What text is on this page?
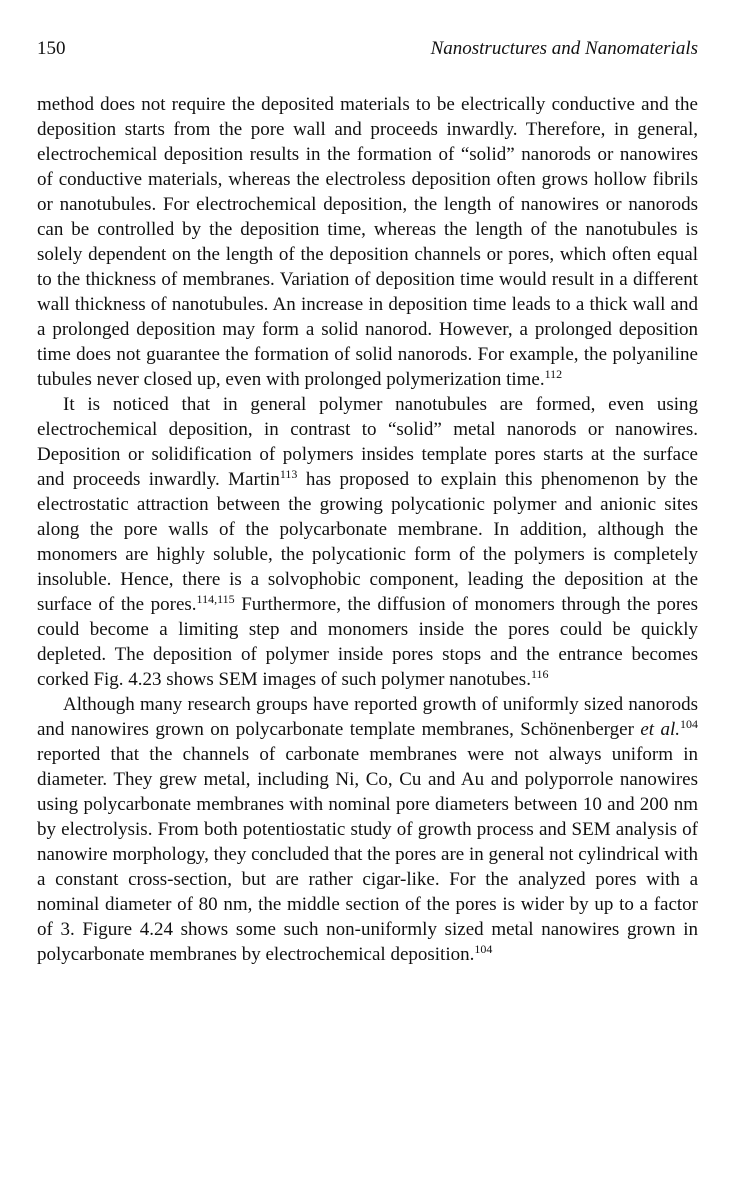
150	Nanostructures and Nanomaterials

method does not require the deposited materials to be electrically conductive and the deposition starts from the pore wall and proceeds inwardly. Therefore, in general, electrochemical deposition results in the formation of “solid” nanorods or nanowires of conductive materials, whereas the electroless deposition often grows hollow fibrils or nanotubules. For electrochemical deposition, the length of nanowires or nanorods can be controlled by the deposition time, whereas the length of the nanotubules is solely dependent on the length of the deposition channels or pores, which often equal to the thickness of membranes. Variation of deposition time would result in a different wall thickness of nanotubules. An increase in deposition time leads to a thick wall and a prolonged deposition may form a solid nanorod. However, a prolonged deposition time does not guarantee the formation of solid nanorods. For example, the polyaniline tubules never closed up, even with prolonged polymerization time.$^{112}$

It is noticed that in general polymer nanotubules are formed, even using electrochemical deposition, in contrast to “solid” metal nanorods or nanowires. Deposition or solidification of polymers insides template pores starts at the surface and proceeds inwardly. Martin$^{113}$ has proposed to explain this phenomenon by the electrostatic attraction between the growing polycationic polymer and anionic sites along the pore walls of the polycarbonate membrane. In addition, although the monomers are highly soluble, the polycationic form of the polymers is completely insoluble. Hence, there is a solvophobic component, leading the deposition at the surface of the pores.$^{114,115}$ Furthermore, the diffusion of monomers through the pores could become a limiting step and monomers inside the pores could be quickly depleted. The deposition of polymer inside pores stops and the entrance becomes corked Fig. 4.23 shows SEM images of such polymer nanotubes.$^{116}$

Although many research groups have reported growth of uniformly sized nanorods and nanowires grown on polycarbonate template membranes, Schönenberger et al.$^{104}$ reported that the channels of carbonate membranes were not always uniform in diameter. They grew metal, including Ni, Co, Cu and Au and polyporrole nanowires using polycarbonate membranes with nominal pore diameters between 10 and 200 nm by electrolysis. From both potentiostatic study of growth process and SEM analysis of nanowire morphology, they concluded that the pores are in general not cylindrical with a constant cross-section, but are rather cigar-like. For the analyzed pores with a nominal diameter of 80 nm, the middle section of the pores is wider by up to a factor of 3. Figure 4.24 shows some such non-uniformly sized metal nanowires grown in polycarbonate membranes by electrochemical deposition.$^{104}$
